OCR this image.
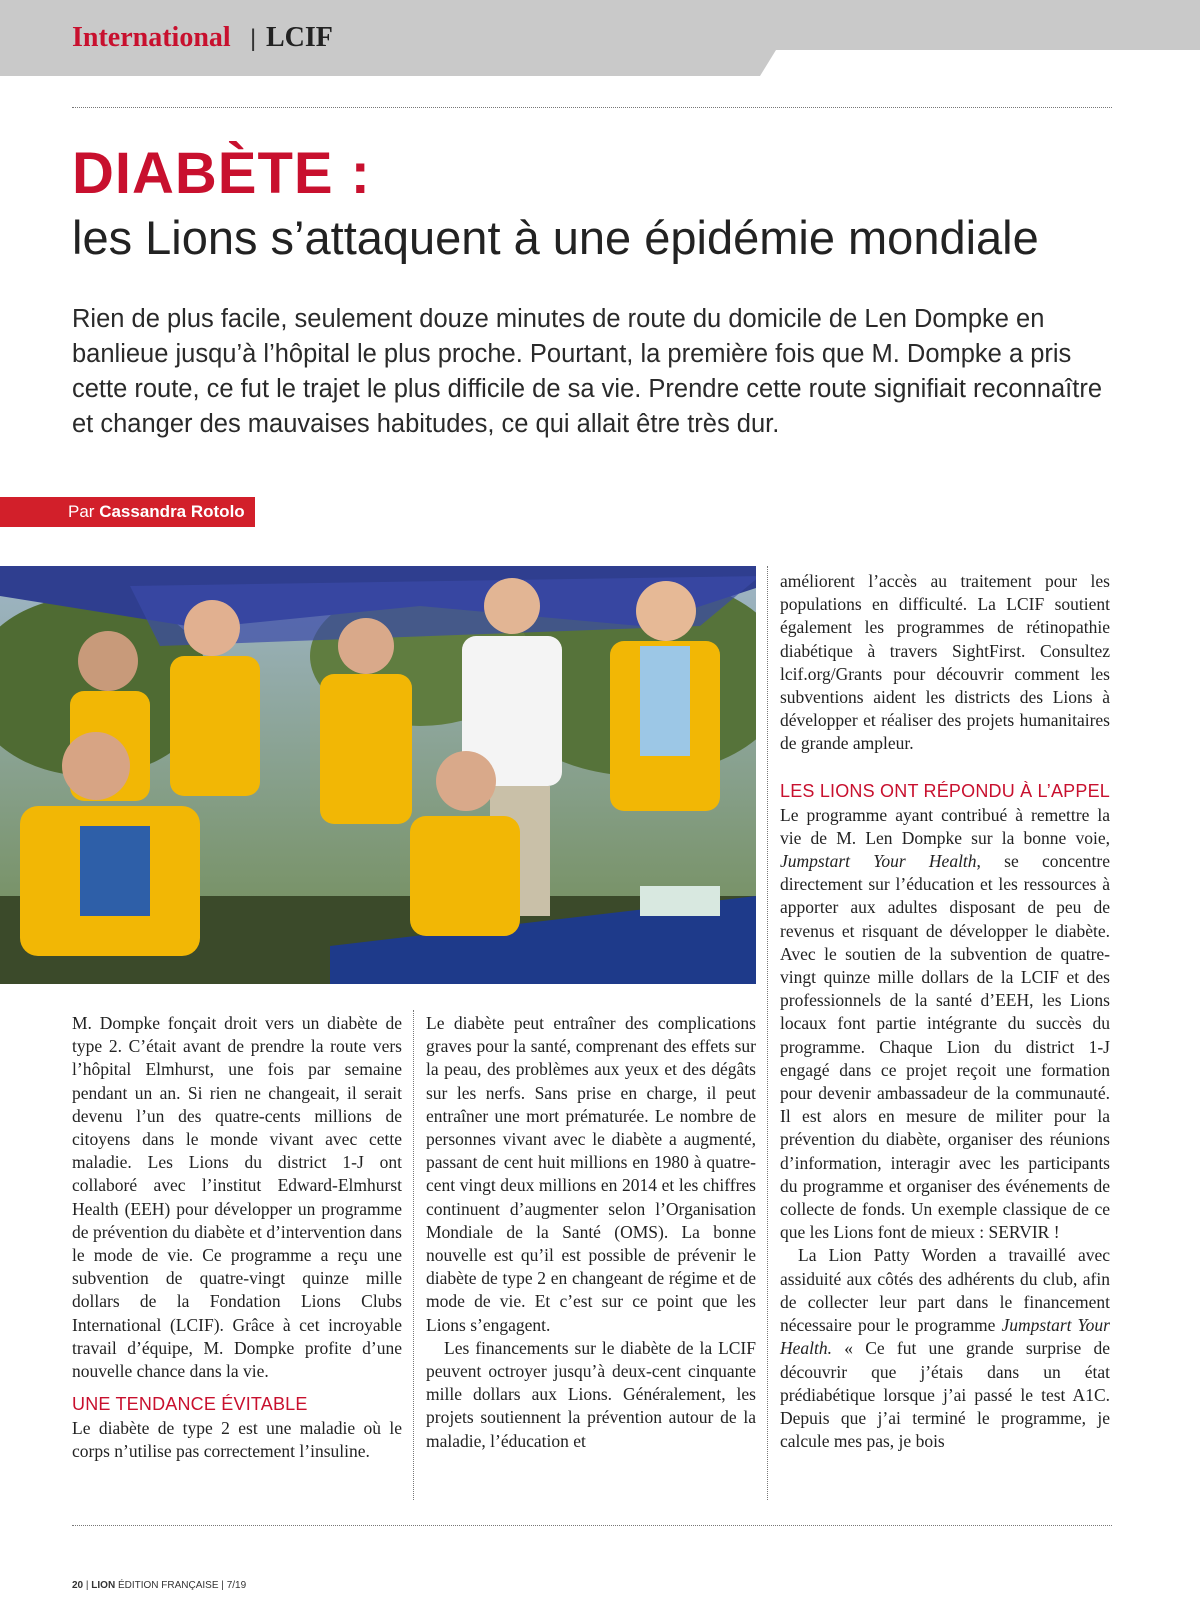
International | LCIF
DIABÈTE :
les Lions s’attaquent à une épidémie mondiale
Rien de plus facile, seulement douze minutes de route du domicile de Len Dompke en banlieue jusqu’à l’hôpital le plus proche. Pourtant, la première fois que M. Dompke a pris cette route, ce fut le trajet le plus difficile de sa vie. Prendre cette route signifiait reconnaître et changer des mauvaises habitudes, ce qui allait être très dur.
Par Cassandra Rotolo

M. Dompke fonçait droit vers un diabète de type 2. C’était avant de prendre la route vers l’hôpital Elmhurst, une fois par semaine pendant un an. Si rien ne changeait, il serait devenu l’un des quatre-cents millions de citoyens dans le monde vivant avec cette maladie. Les Lions du district 1-J ont collaboré avec l’institut Edward-Elmhurst Health (EEH) pour développer un programme de prévention du diabète et d’intervention dans le mode de vie. Ce programme a reçu une subvention de quatre-vingt quinze mille dollars de la Fondation Lions Clubs International (LCIF). Grâce à cet incroyable travail d’équipe, M. Dompke profite d’une nouvelle chance dans la vie.

UNE TENDANCE ÉVITABLE

Le diabète de type 2 est une maladie où le corps n’utilise pas correctement l’insuline.

Le diabète peut entraîner des complications graves pour la santé, comprenant des effets sur la peau, des problèmes aux yeux et des dégâts sur les nerfs. Sans prise en charge, il peut entraîner une mort prématurée. Le nombre de personnes vivant avec le diabète a augmenté, passant de cent huit millions en 1980 à quatre-cent vingt deux millions en 2014 et les chiffres continuent d’augmenter selon l’Organisation Mondiale de la Santé (OMS). La bonne nouvelle est qu’il est possible de prévenir le diabète de type 2 en changeant de régime et de mode de vie. Et c’est sur ce point que les Lions s’engagent.

Les financements sur le diabète de la LCIF peuvent octroyer jusqu’à deux-cent cinquante mille dollars aux Lions. Généralement, les projets soutiennent la prévention autour de la maladie, l’éducation et

améliorent l’accès au traitement pour les populations en difficulté. La LCIF soutient également les programmes de rétinopathie diabétique à travers SightFirst. Consultez lcif.org/Grants pour découvrir comment les subventions aident les districts des Lions à développer et réaliser des projets humanitaires de grande ampleur.

LES LIONS ONT RÉPONDU À L’APPEL

Le programme ayant contribué à remettre la vie de M. Len Dompke sur la bonne voie, Jumpstart Your Health, se concentre directement sur l’éducation et les ressources à apporter aux adultes disposant de peu de revenus et risquant de développer le diabète. Avec le soutien de la subvention de quatre-vingt quinze mille dollars de la LCIF et des professionnels de la santé d’EEH, les Lions locaux font partie intégrante du succès du programme. Chaque Lion du district 1-J engagé dans ce projet reçoit une formation pour devenir ambassadeur de la communauté. Il est alors en mesure de militer pour la prévention du diabète, organiser des réunions d’information, interagir avec les participants du programme et organiser des événements de collecte de fonds. Un exemple classique de ce que les Lions font de mieux : SERVIR !

La Lion Patty Worden a travaillé avec assiduité aux côtés des adhérents du club, afin de collecter leur part dans le financement nécessaire pour le programme Jumpstart Your Health. « Ce fut une grande surprise de découvrir que j’étais dans un état prédiabétique lorsque j’ai passé le test A1C. Depuis que j’ai terminé le programme, je calcule mes pas, je bois

20 | LION ÉDITION FRANÇAISE | 7/19
